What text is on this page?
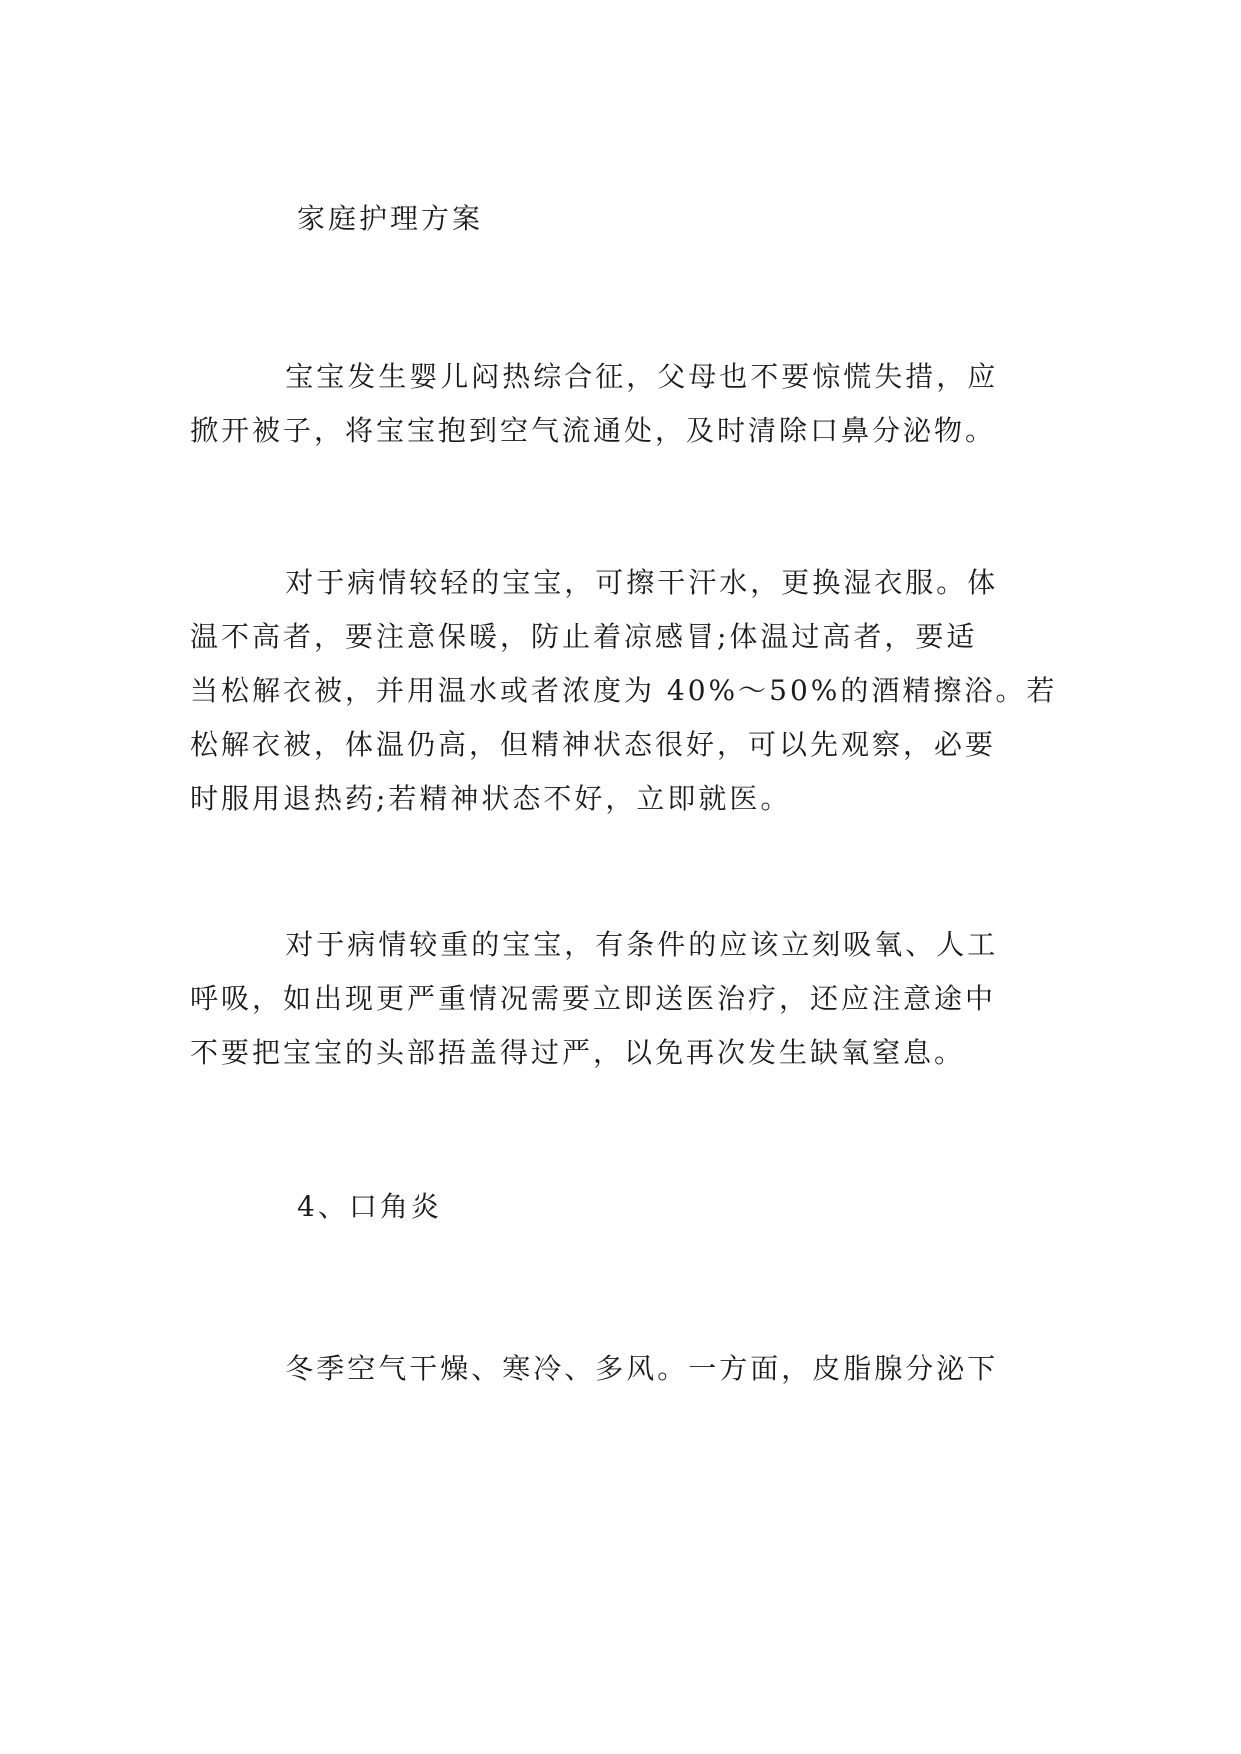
家庭护理方案
宝宝发生婴儿闷热综合征，父母也不要惊慌失措，应
掀开被子，将宝宝抱到空气流通处，及时清除口鼻分泌物。
对于病情较轻的宝宝，可擦干汗水，更换湿衣服。体
温不高者，要注意保暖，防止着凉感冒;体温过高者，要适
当松解衣被，并用温水或者浓度为 40%～50%的酒精擦浴。若
松解衣被，体温仍高，但精神状态很好，可以先观察，必要
时服用退热药;若精神状态不好，立即就医。
对于病情较重的宝宝，有条件的应该立刻吸氧、人工
呼吸，如出现更严重情况需要立即送医治疗，还应注意途中
不要把宝宝的头部捂盖得过严，以免再次发生缺氧窒息。
4、口角炎
冬季空气干燥、寒冷、多风。一方面，皮脂腺分泌下
